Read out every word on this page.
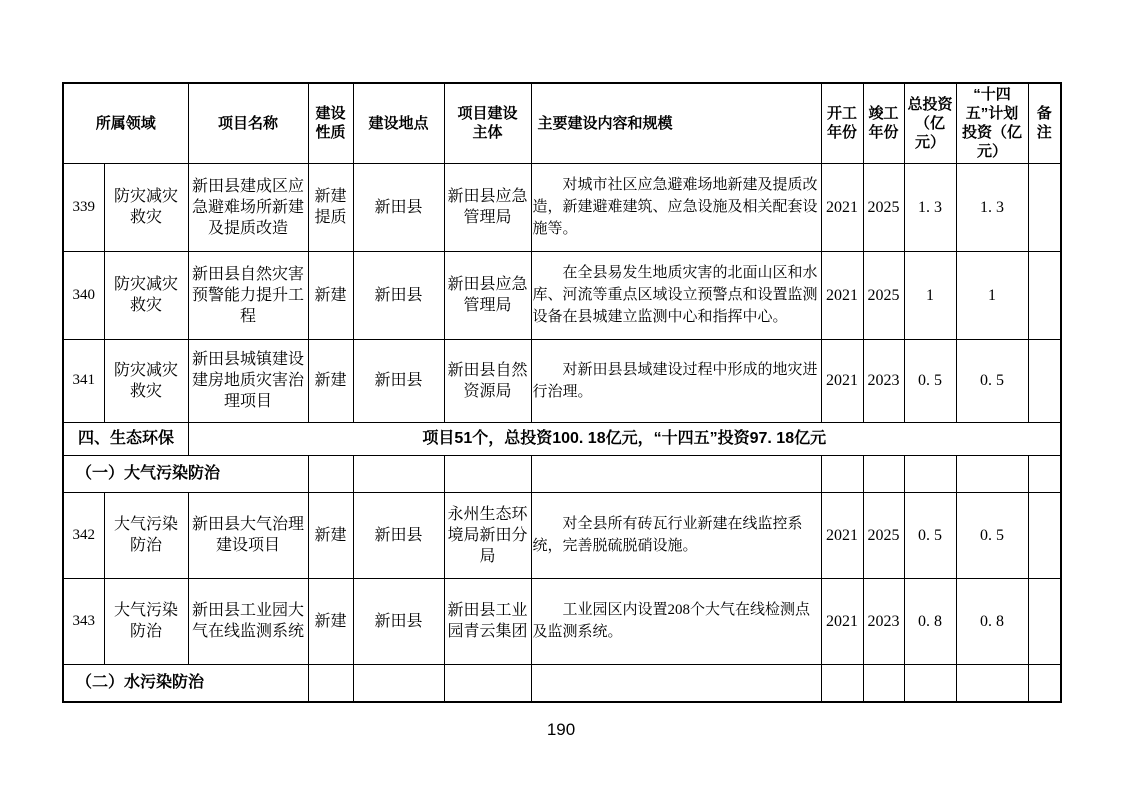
所属领域		项目名称	建设性质	建设地点	项目建设主体	主要建设内容和规模	开工年份	竣工年份	总投资（亿元）	“十四五”计划投资（亿元）	备注
339	防灾减灾救灾	新田县建成区应急避难场所新建及提质改造	新建提质	新田县	新田县应急管理局	对城市社区应急避难场地新建及提质改造，新建避难建筑、应急设施及相关配套设施等。	2021	2025	1. 3	1. 3	
340	防灾减灾救灾	新田县自然灾害预警能力提升工程	新建	新田县	新田县应急管理局	在全县易发生地质灾害的北面山区和水库、河流等重点区域设立预警点和设置监测设备在县城建立监测中心和指挥中心。	2021	2025	1	1	
341	防灾减灾救灾	新田县城镇建设建房地质灾害治理项目	新建	新田县	新田县自然资源局	对新田县县域建设过程中形成的地灾进行治理。	2021	2023	0. 5	0. 5	
四、生态环保		项目51个，总投资100. 18亿元，“十四五”投资97. 18亿元									
（一）大气污染防治											
342	大气污染防治	新田县大气治理建设项目	新建	新田县	永州生态环境局新田分局	对全县所有砖瓦行业新建在线监控系统，完善脱硫脱硝设施。	2021	2025	0. 5	0. 5	
343	大气污染防治	新田县工业园大气在线监测系统	新建	新田县	新田县工业园青云集团	工业园区内设置208个大气在线检测点及监测系统。	2021	2023	0. 8	0. 8	
（二）水污染防治											
190
